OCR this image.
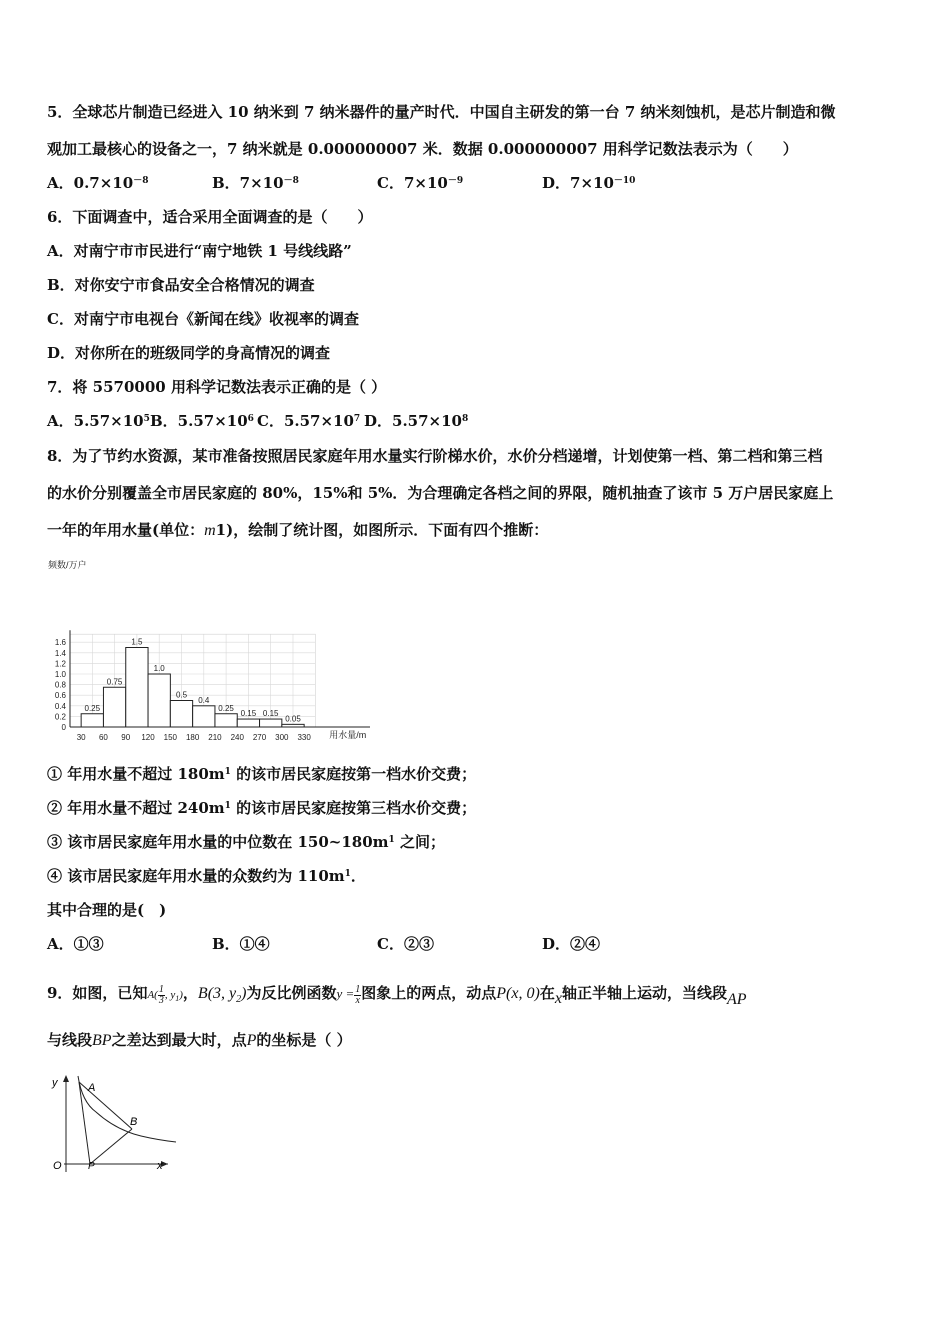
5．全球芯片制造已经进入 10 纳米到 7 纳米器件的量产时代．中国自主研发的第一台 7 纳米刻蚀机，是芯片制造和微
观加工最核心的设备之一，7 纳米就是 0.000000007 米．数据 0.000000007 用科学记数法表示为（　　）
A．$0.7\times 10^{-8}$	B．$7\times 10^{-8}$	C．$7\times 10^{-9}$	D．$7\times 10^{-10}$
6．下面调查中，适合采用全面调查的是（　　）
A．对南宁市市民进行“南宁地铁 1 号线线路”
B．对你安宁市食品安全合格情况的调查
C．对南宁市电视台《新闻在线》收视率的调查
D．对你所在的班级同学的身高情况的调查
7．将 5570000 用科学记数法表示正确的是（ ）
A．$5.57\times 10^5$ B．$5.57\times 10^6$ C．$5.57\times 10^7$ D．$5.57\times 10^8$
8．为了节约水资源，某市准备按照居民家庭年用水量实行阶梯水价，水价分档递增，计划使第一档、第二档和第三档
的水价分别覆盖全市居民家庭的 80%，15%和 5%．为合理确定各档之间的界限，随机抽查了该市 5 万户居民家庭上
一年的年用水量(单位：m1)，绘制了统计图，如图所示．下面有四个推断：
0.25
0.75
1.5
1.0
0.5
0.4
0.25
0.15 0.15
0.05
0
0.2
0.4
0.6
0.8
1.0
1.2
1.4
1.6
30 60 90 120 150 180 210 240 270 300 330
频数/万户
用水量/m
① 年用水量不超过 $180m^1$ 的该市居民家庭按第一档水价交费；
② 年用水量不超过 $240m^1$ 的该市居民家庭按第三档水价交费；
③ 该市居民家庭年用水量的中位数在 $150\sim 180m^1$ 之间；
④ 该市居民家庭年用水量的众数约为 $110m^1$．
其中合理的是(　)
A．①③	B．①④	C．②③	D．②④
9．如图，已知$A( \frac{1}{3}$ , $y_1$)，B(3, $y_2$)为反比例函数$y = \frac{1}{x}$ 图象上的两点，动点P(x, 0)在x轴正半轴上运动，当线段AP
与线段BP之差达到最大时，点P的坐标是（ ）
y	A
B
O	P	x
